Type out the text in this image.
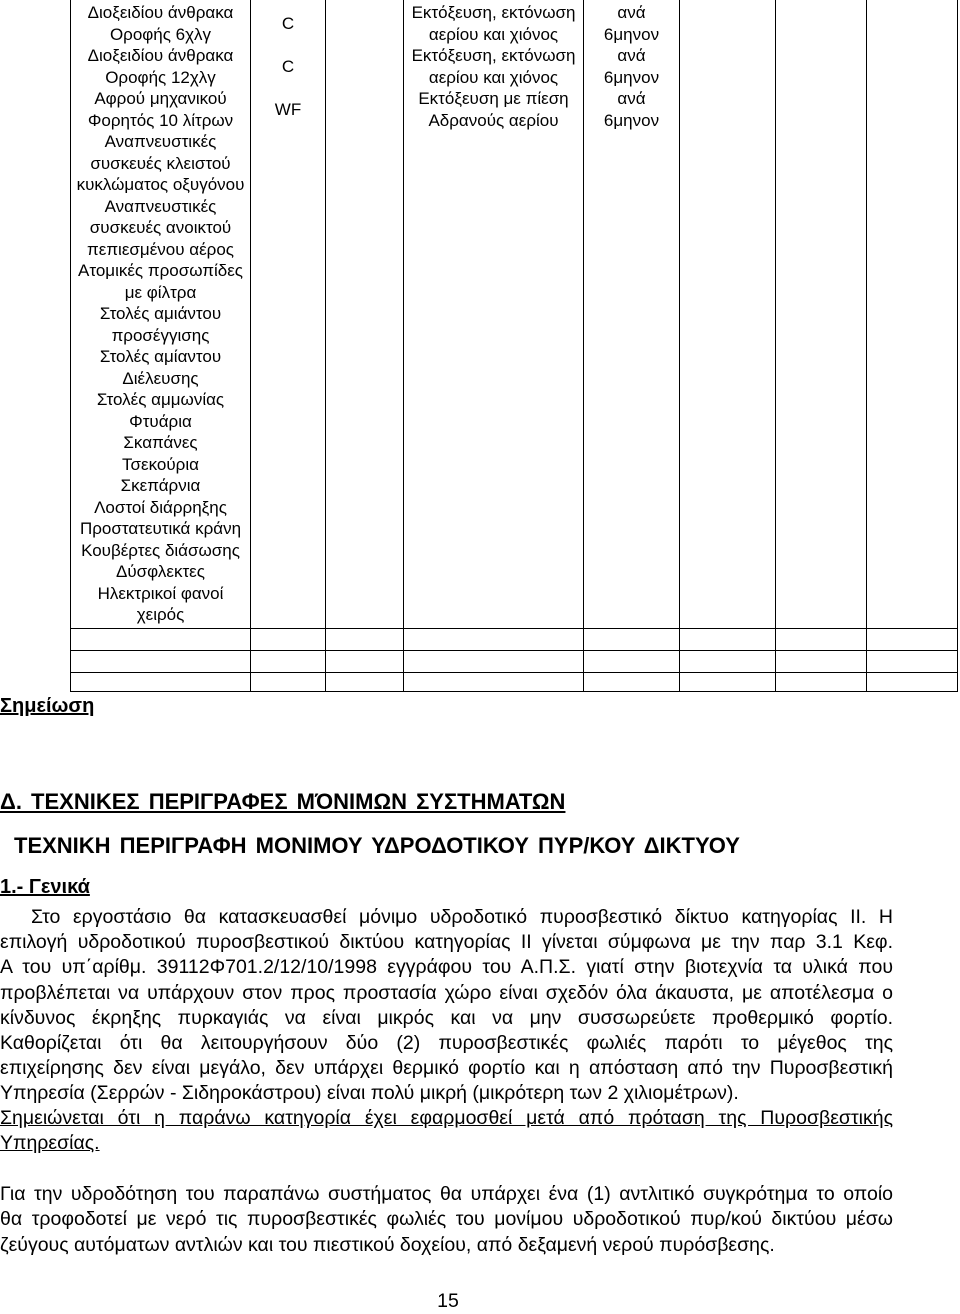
Διοξειδίου άνθρακα
Οροφής 6χλγ
Διοξειδίου άνθρακα
Οροφής 12χλγ
Αφρού μηχανικού
Φορητός 10 λίτρων
Αναπνευστικές
συσκευές κλειστού
κυκλώματος οξυγόνου
Αναπνευστικές
συσκευές ανοικτού
πεπιεσμένου αέρος
Ατομικές προσωπίδες
με φίλτρα
Στολές αμιάντου
προσέγγισης
Στολές αμίαντου
Διέλευσης
Στολές αμμωνίας
Φτυάρια
Σκαπάνες
Τσεκούρια
Σκεπάρνια
Λοστοί διάρρηξης
Προστατευτικά κράνη
Κουβέρτες διάσωσης
Δύσφλεκτες
Ηλεκτρικοί φανοί
χειρός
C
C
WF
Εκτόξευση, εκτόνωση
αερίου και χιόνος
Εκτόξευση, εκτόνωση
αερίου και χιόνος
Εκτόξευση με πίεση
Αδρανούς αερίου
ανά
6μηνον
ανά
6μηνον
ανά
6μηνον
Σημείωση
Δ. ΤΕΧΝΙΚΕΣ ΠΕΡΙΓΡΑΦΕΣ ΜΌΝΙΜΩΝ ΣΥΣΤΗΜΑΤΩΝ
ΤΕΧΝΙΚΗ ΠΕΡΙΓΡΑΦΗ ΜΟΝΙΜΟΥ ΥΔΡΟΔΟΤΙΚΟΥ ΠΥΡ/ΚΟΥ ΔΙΚΤΥΟΥ
1.- Γενικά
Στο εργοστάσιο θα κατασκευασθεί μόνιμο υδροδοτικό πυροσβεστικό δίκτυο κατηγορίας ΙΙ. Η
επιλογή υδροδοτικού πυροσβεστικού δικτύου κατηγορίας ΙΙ γίνεται σύμφωνα με την παρ 3.1 Κεφ.
Α του υπ΄αρίθμ. 39112Φ701.2/12/10/1998 εγγράφου του Α.Π.Σ. γιατί στην βιοτεχνία τα υλικά που
προβλέπεται να υπάρχουν στον προς προστασία χώρο είναι σχεδόν όλα άκαυστα, με αποτέλεσμα ο
κίνδυνος έκρηξης πυρκαγιάς να είναι μικρός και να μην συσσωρεύετε προθερμικό φορτίο.
Καθορίζεται ότι θα λειτουργήσουν δύο (2) πυροσβεστικές φωλιές παρότι το μέγεθος της
επιχείρησης δεν είναι μεγάλο, δεν υπάρχει θερμικό φορτίο και η απόσταση από την Πυροσβεστική
Υπηρεσία (Σερρών - Σιδηροκάστρου) είναι πολύ μικρή (μικρότερη των 2 χιλιομέτρων).
Σημειώνεται ότι η παράνω κατηγορία έχει εφαρμοσθεί μετά από πρόταση της Πυροσβεστικής
Υπηρεσίας.
Για την υδροδότηση του παραπάνω συστήματος θα υπάρχει ένα (1) αντλιτικό συγκρότημα το οποίο
θα τροφοδοτεί με νερό τις πυροσβεστικές φωλιές του μονίμου υδροδοτικού πυρ/κού δικτύου μέσω
ζεύγους αυτόματων αντλιών και του πιεστικού δοχείου, από δεξαμενή νερού πυρόσβεσης.
15
